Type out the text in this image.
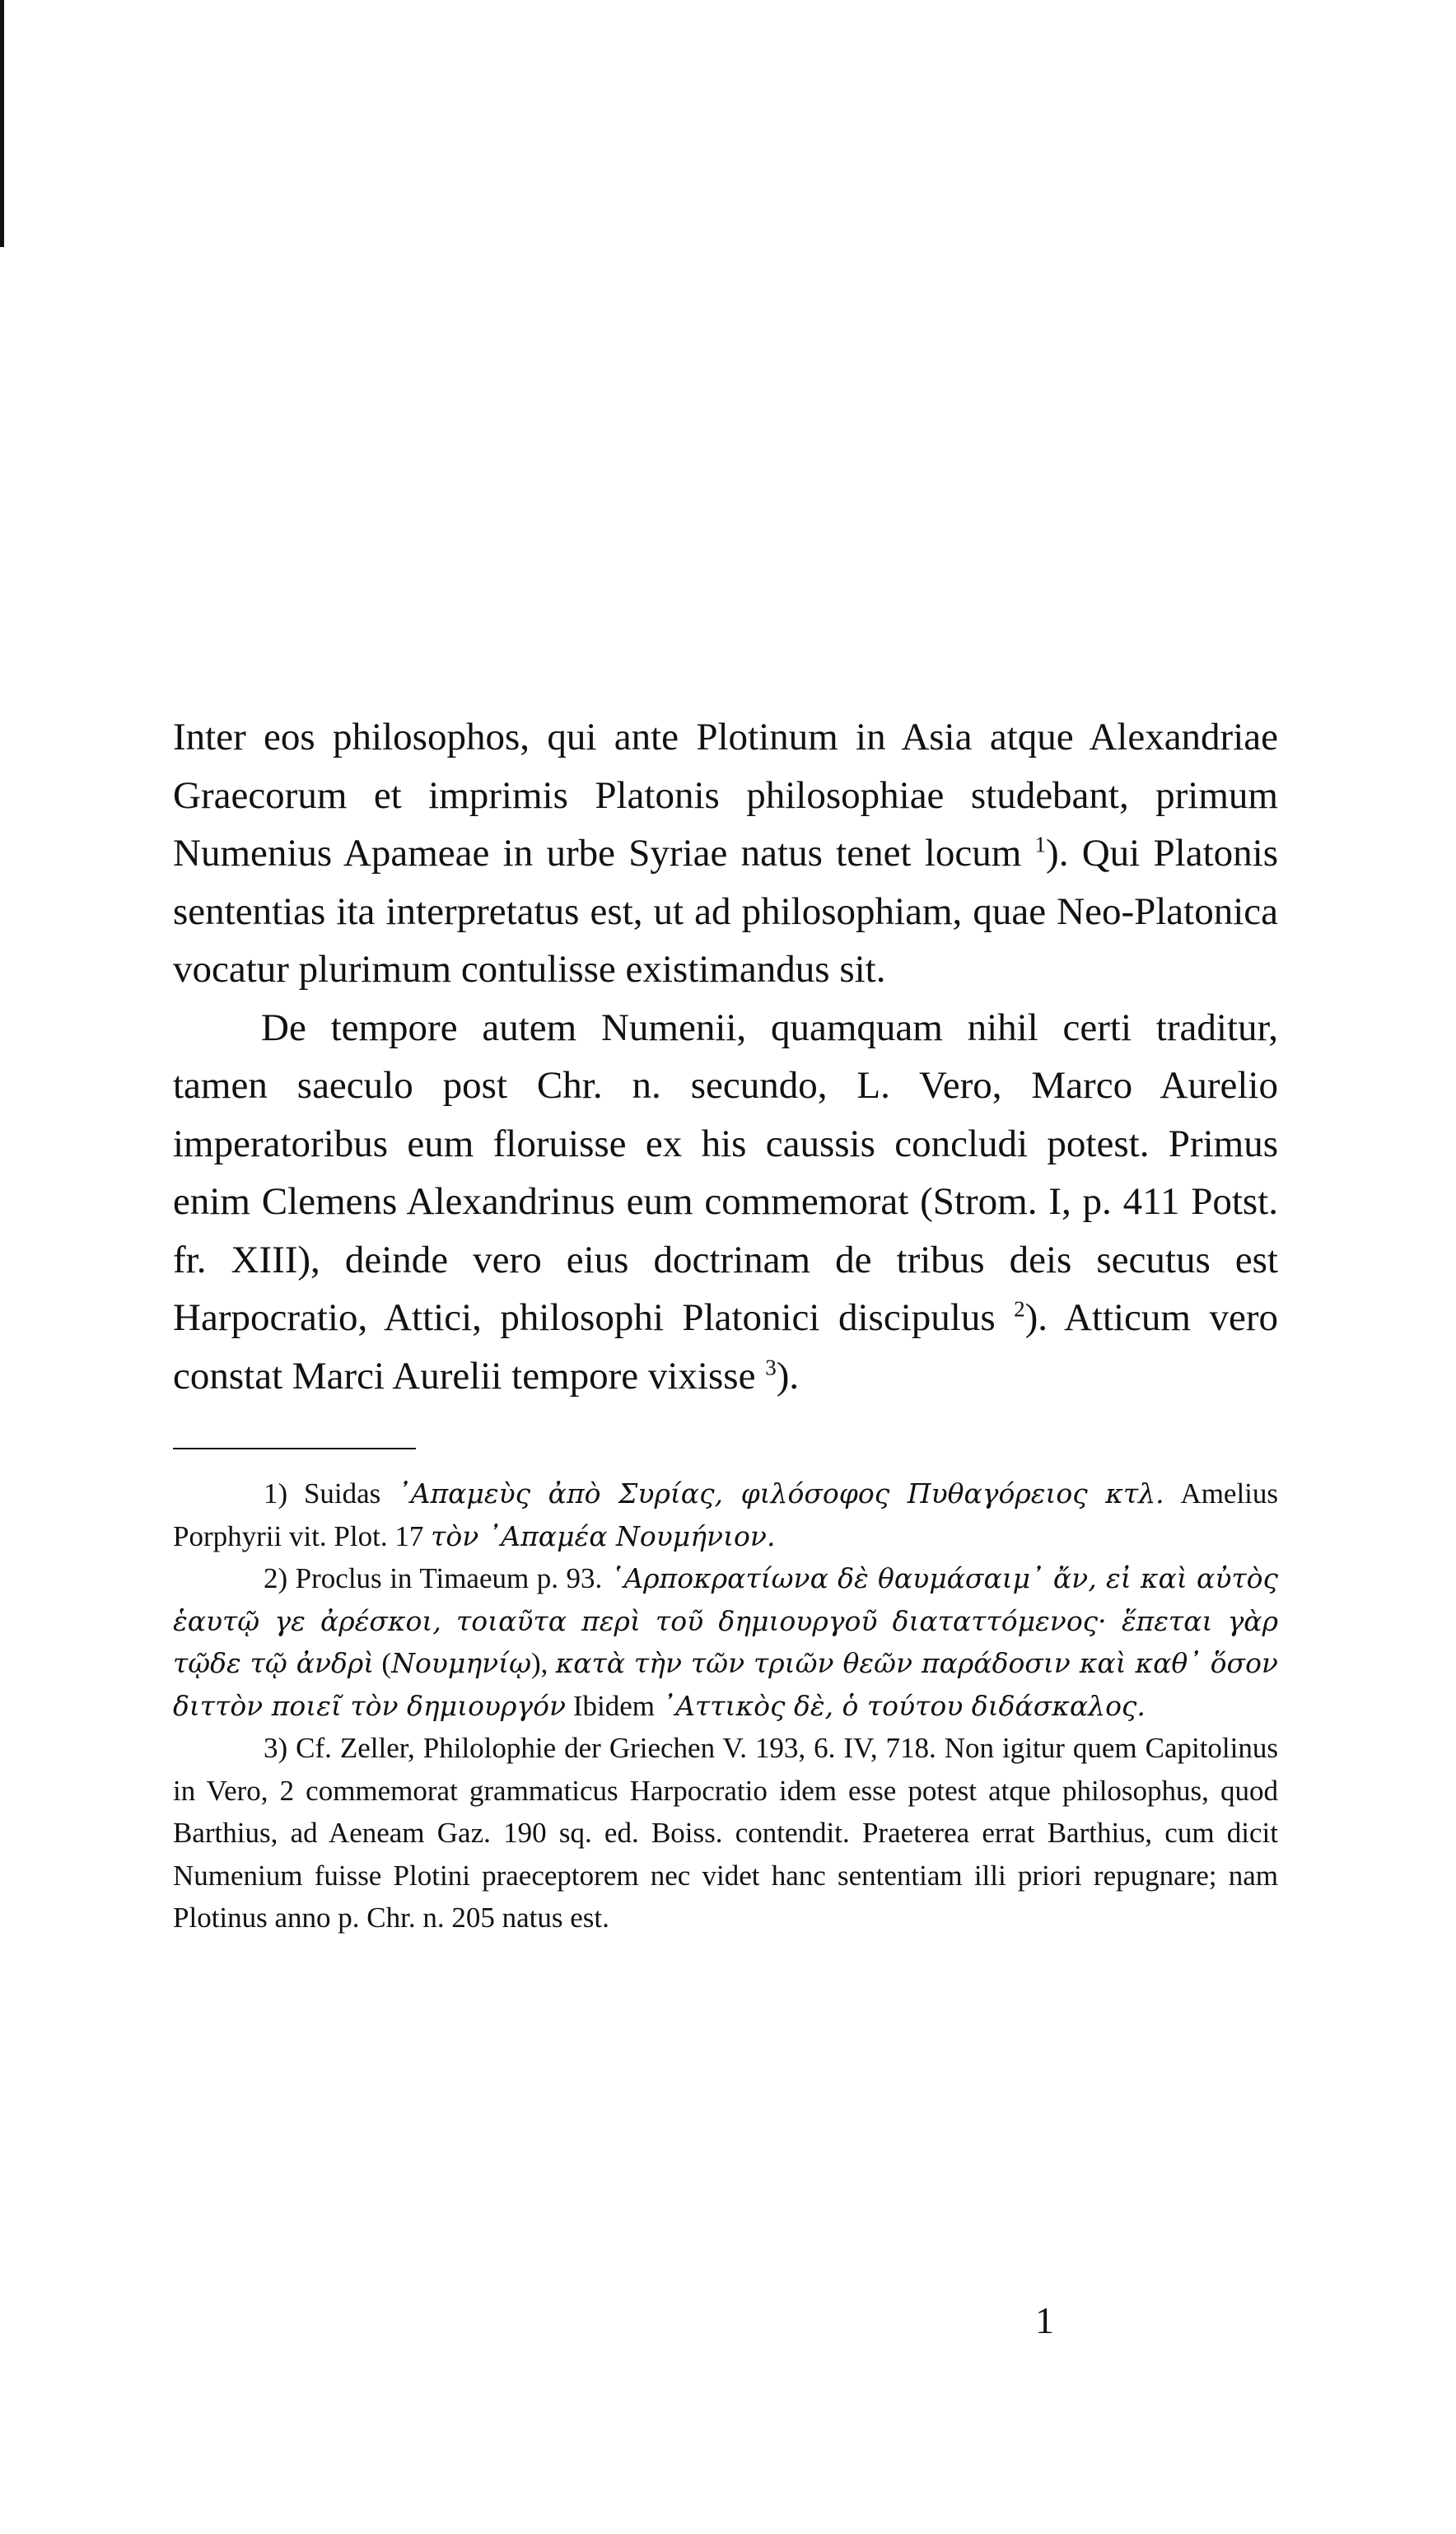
Inter eos philosophos, qui ante Plotinum in Asia atque Alexandriae Graecorum et imprimis Platonis philosophiae studebant, primum Numenius Apameae in urbe Syriae natus tenet locum $^1$). Qui Platonis sententias ita interpretatus est, ut ad philosophiam, quae Neo-Platonica vocatur plurimum contulisse existimandus sit.

De tempore autem Numenii, quamquam nihil certi traditur, tamen saeculo post Chr. n. secundo, L. Vero, Marco Aurelio imperatoribus eum floruisse ex his caussis concludi potest. Primus enim Clemens Alexandrinus eum commemorat (Strom. I, p. 411 Potst. fr. XIII), deinde vero eius doctrinam de tribus deis secutus est Harpocratio, Attici, philosophi Platonici discipulus $^2$). Atticum vero constat Marci Aurelii tempore vixisse $^3$).

1) Suidas ᾿Απαμεὺς ἀπὸ Συρίας, φιλόσοφος Πυθαγόρειος κτλ. Amelius Porphyrii vit. Plot. 17 τὸν ᾿Απαμέα Νουμήνιον.

2) Proclus in Timaeum p. 93. ῾Αρποκρατίωνα δὲ θαυμάσαιμ᾿ ἄν, εἰ καὶ αὐτὸς ἑαυτῷ γε ἀρέσκοι, τοιαῦτα περὶ τοῦ δημιουργοῦ διαταττόμενος· ἕπεται γὰρ τῷδε τῷ ἀνδρὶ (Νουμηνίῳ), κατὰ τὴν τῶν τριῶν θεῶν παράδοσιν καὶ καθ᾿ ὅσον διττὸν ποιεῖ τὸν δημιουργόν Ibidem ᾿Αττικὸς δὲ, ὁ τούτου διδάσκαλος.

3) Cf. Zeller, Philolophie der Griechen V. 193, 6. IV, 718. Non igitur quem Capitolinus in Vero, 2 commemorat grammaticus Harpocratio idem esse potest atque philosophus, quod Barthius, ad Aeneam Gaz. 190 sq. ed. Boiss. contendit. Praeterea errat Barthius, cum dicit Numenium fuisse Plotini praeceptorem nec videt hanc sententiam illi priori repugnare; nam Plotinus anno p. Chr. n. 205 natus est.

1
